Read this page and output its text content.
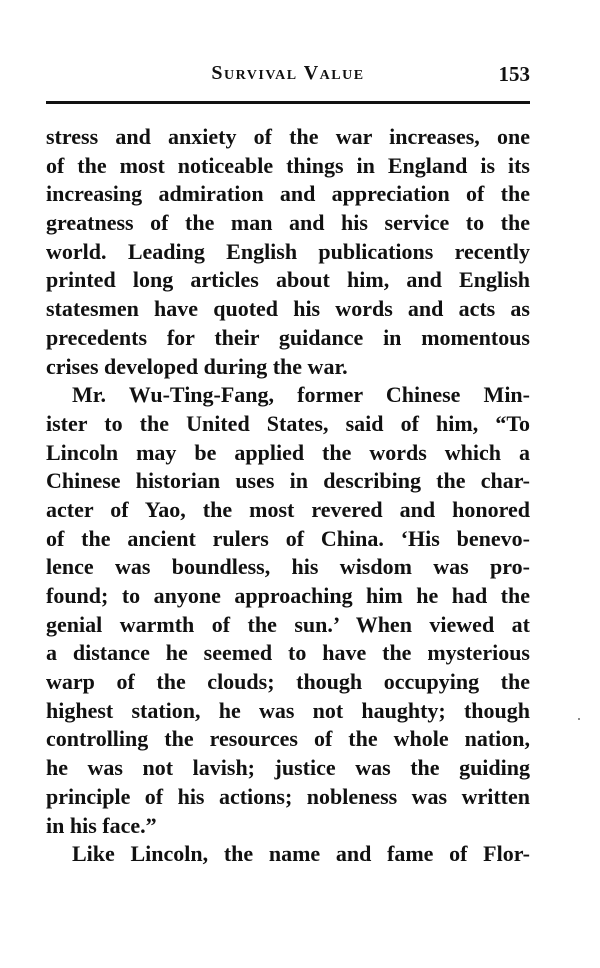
Survival Value	153
stress and anxiety of the war increases, one
of the most noticeable things in England is its
increasing admiration and appreciation of the
greatness of the man and his service to the
world. Leading English publications recently
printed long articles about him, and English
statesmen have quoted his words and acts as
precedents for their guidance in momentous
crises developed during the war.
Mr. Wu-Ting-Fang, former Chinese Min-
ister to the United States, said of him, “To
Lincoln may be applied the words which a
Chinese historian uses in describing the char-
acter of Yao, the most revered and honored
of the ancient rulers of China. ‘His benevo-
lence was boundless, his wisdom was pro-
found; to anyone approaching him he had the
genial warmth of the sun.’ When viewed at
a distance he seemed to have the mysterious
warp of the clouds; though occupying the
highest station, he was not haughty; though
controlling the resources of the whole nation,
he was not lavish; justice was the guiding
principle of his actions; nobleness was written
in his face.”
Like Lincoln, the name and fame of Flor-
